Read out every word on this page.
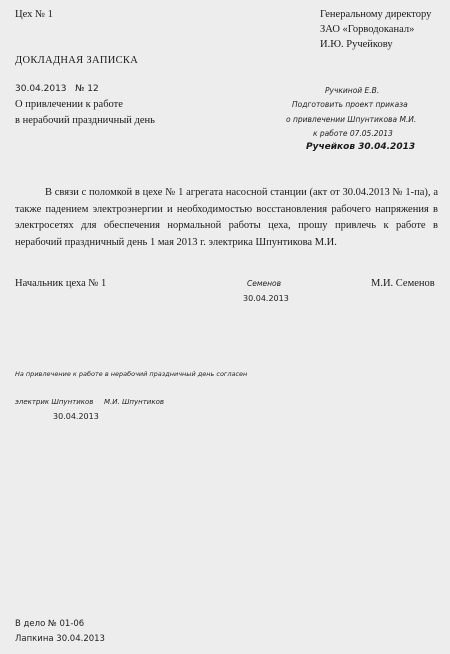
Цех № 1	Генеральному директору
ЗАО «Горводоканал»
И.Ю. Ручейкову
ДОКЛАДНАЯ ЗАПИСКА
30.04.2013 № 12
О привлечении к работе
в нерабочий праздничный день
Ручкиной Е.В.
Подготовить проект приказа
о привлечении Шпунтикова М.И.
к работе 07.05.2013
Ручейков 30.04.2013
В связи с поломкой в цехе № 1 агрегата насосной станции (акт от 30.04.2013 № 1-па), а также падением электроэнергии и необходимостью восстановления рабочего напряжения в электросетях для обеспечения нормальной работы цеха, прошу привлечь к работе в нерабочий праздничный день 1 мая 2013 г. электрика Шпунтикова М.И.
Начальник цеха № 1	Семенов
30.04.2013
М.И. Семенов
На привлечение к работе в нерабочий праздничный день согласен
электрик Шпунтиков М.И. Шпунтиков
30.04.2013
В дело № 01-06
Лапкина 30.04.2013
